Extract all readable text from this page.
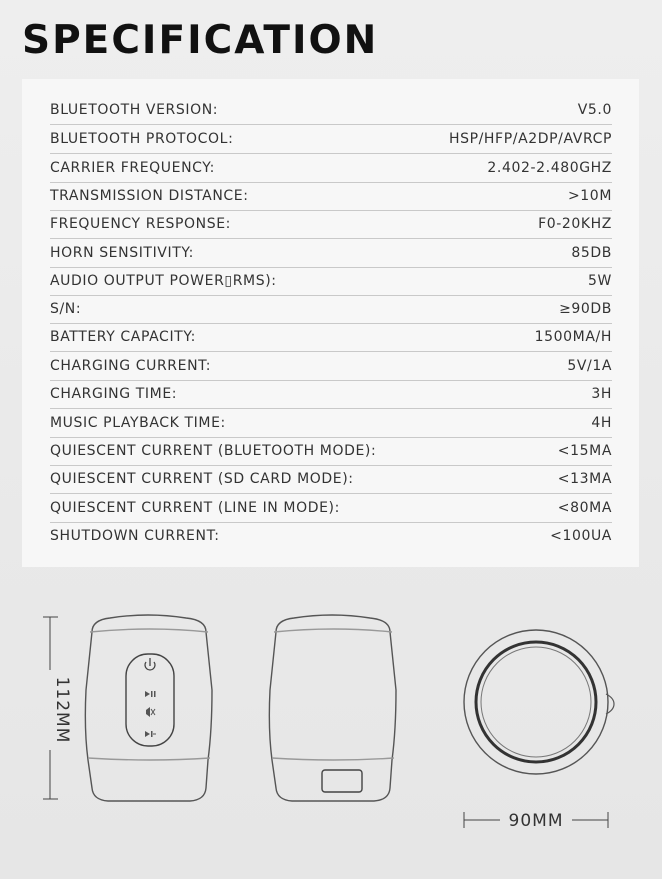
SPECIFICATION
BLUETOOTH VERSION:	V5.0
BLUETOOTH PROTOCOL:	HSP/HFP/A2DP/AVRCP
CARRIER FREQUENCY:	2.402-2.480GHZ
TRANSMISSION DISTANCE:	>10M
FREQUENCY RESPONSE:	F0-20KHZ
HORN SENSITIVITY:	85DB
AUDIO OUTPUT POWER▯RMS):	5W
S/N:	≥90DB
BATTERY CAPACITY:	1500MA/H
CHARGING CURRENT:	5V/1A
CHARGING TIME:	3H
MUSIC PLAYBACK TIME:	4H
QUIESCENT CURRENT (BLUETOOTH MODE):	<15MA
QUIESCENT CURRENT (SD CARD MODE):	<13MA
QUIESCENT CURRENT (LINE IN MODE):	<80MA
SHUTDOWN CURRENT:	<100UA
112MM
90MM
